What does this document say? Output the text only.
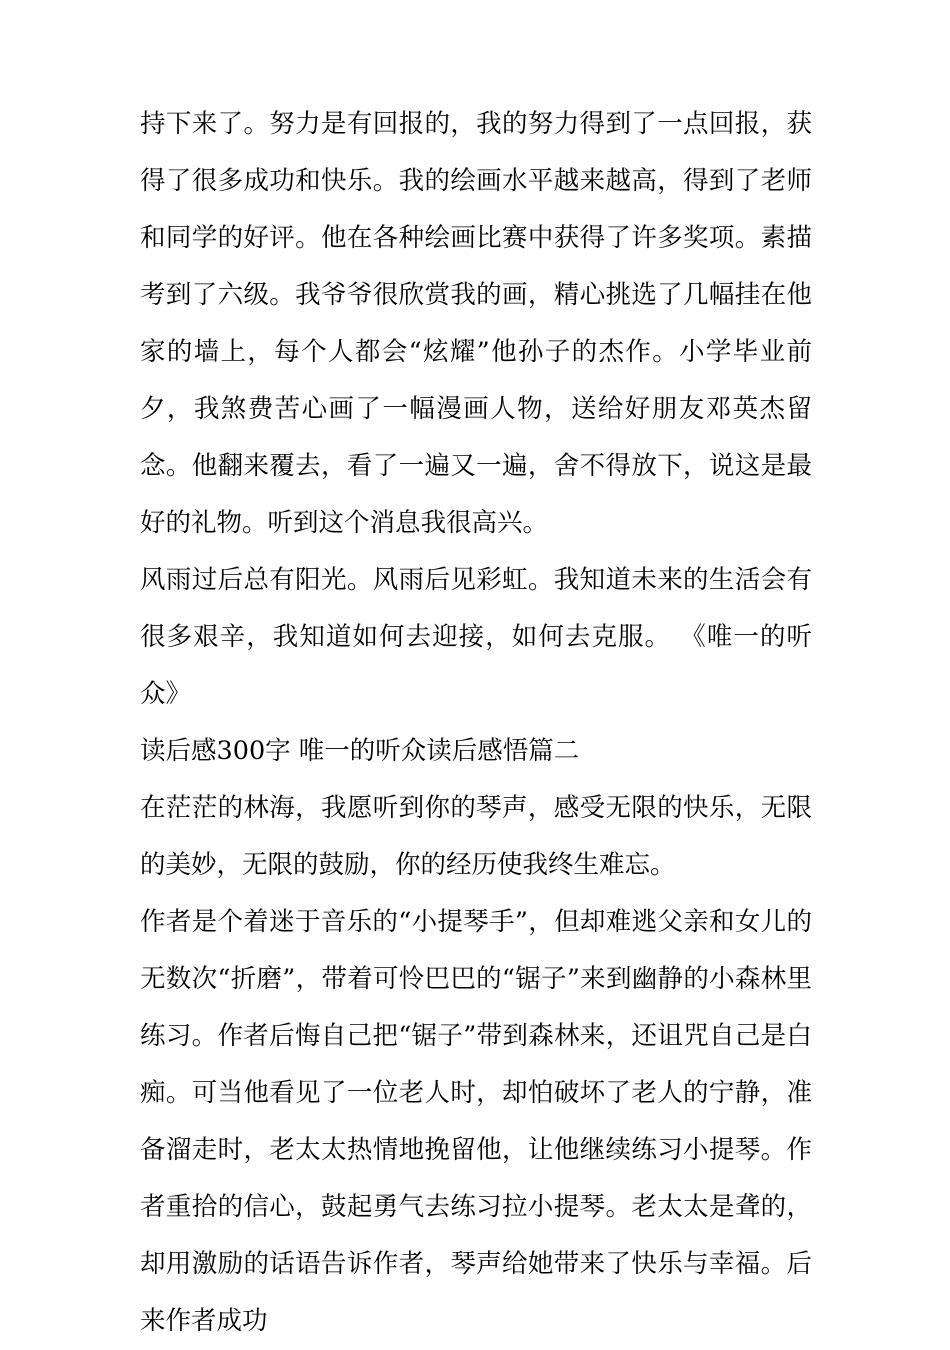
持下来了。努力是有回报的，我的努力得到了一点回报，获得了很多成功和快乐。我的绘画水平越来越高，得到了老师和同学的好评。他在各种绘画比赛中获得了许多奖项。素描考到了六级。我爷爷很欣赏我的画，精心挑选了几幅挂在他家的墙上，每个人都会“炫耀”他孙子的杰作。小学毕业前夕，我煞费苦心画了一幅漫画人物，送给好朋友邓英杰留念。他翻来覆去，看了一遍又一遍，舍不得放下，说这是最好的礼物。听到这个消息我很高兴。

风雨过后总有阳光。风雨后见彩虹。我知道未来的生活会有很多艰辛，我知道如何去迎接，如何去克服。 《唯一的听众》

读后感300字 唯一的听众读后感悟篇二

在茫茫的林海，我愿听到你的琴声，感受无限的快乐，无限的美妙，无限的鼓励，你的经历使我终生难忘。

作者是个着迷于音乐的“小提琴手”，但却难逃父亲和女儿的无数次“折磨”，带着可怜巴巴的“锯子”来到幽静的小森林里练习。作者后悔自己把“锯子”带到森林来，还诅咒自己是白痴。可当他看见了一位老人时，却怕破坏了老人的宁静，准备溜走时，老太太热情地挽留他，让他继续练习小提琴。作者重拾的信心，鼓起勇气去练习拉小提琴。老太太是聋的，却用激励的话语告诉作者，琴声给她带来了快乐与幸福。后来作者成功
